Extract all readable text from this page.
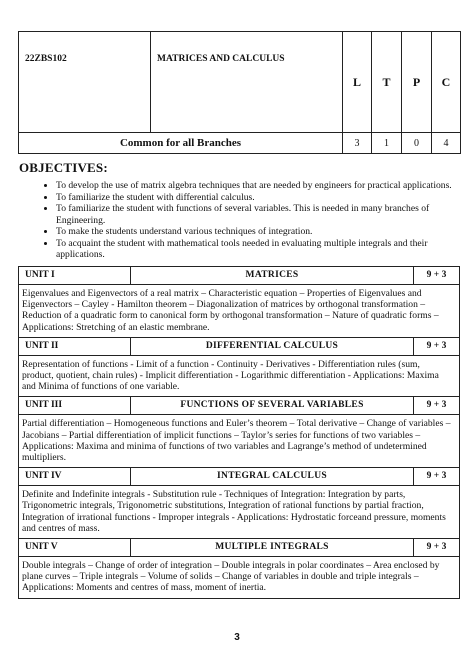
22ZBS102	MATRICES AND CALCULUS	L	T	P	C
Common for all Branches		3	1	0	4
OBJECTIVES:
• To develop the use of matrix algebra techniques that are needed by engineers for practical applications.
• To familiarize the student with differential calculus.
• To familiarize the student with functions of several variables. This is needed in many branches of Engineering.
• To make the students understand various techniques of integration.
• To acquaint the student with mathematical tools needed in evaluating multiple integrals and their applications.
UNIT I	MATRICES	9 + 3
Eigenvalues and Eigenvectors of a real matrix – Characteristic equation – Properties of Eigenvalues and Eigenvectors – Cayley - Hamilton theorem – Diagonalization of matrices by orthogonal transformation – Reduction of a quadratic form to canonical form by orthogonal transformation – Nature of quadratic forms – Applications: Stretching of an elastic membrane.
UNIT II	DIFFERENTIAL CALCULUS	9 + 3
Representation of functions - Limit of a function - Continuity - Derivatives - Differentiation rules (sum, product, quotient, chain rules) - Implicit differentiation - Logarithmic differentiation - Applications: Maxima and Minima of functions of one variable.
UNIT III	FUNCTIONS OF SEVERAL VARIABLES	9 + 3
Partial differentiation – Homogeneous functions and Euler’s theorem – Total derivative – Change of variables – Jacobians – Partial differentiation of implicit functions – Taylor’s series for functions of two variables – Applications: Maxima and minima of functions of two variables and Lagrange’s method of undetermined multipliers.
UNIT IV	INTEGRAL CALCULUS	9 + 3
Definite and Indefinite integrals - Substitution rule - Techniques of Integration: Integration by parts, Trigonometric integrals, Trigonometric substitutions, Integration of rational functions by partial fraction, Integration of irrational functions - Improper integrals - Applications: Hydrostatic forceand pressure, moments and centres of mass.
UNIT V	MULTIPLE INTEGRALS	9 + 3
Double integrals – Change of order of integration – Double integrals in polar coordinates – Area enclosed by plane curves – Triple integrals – Volume of solids – Change of variables in double and triple integrals – Applications: Moments and centres of mass, moment of inertia.
3
